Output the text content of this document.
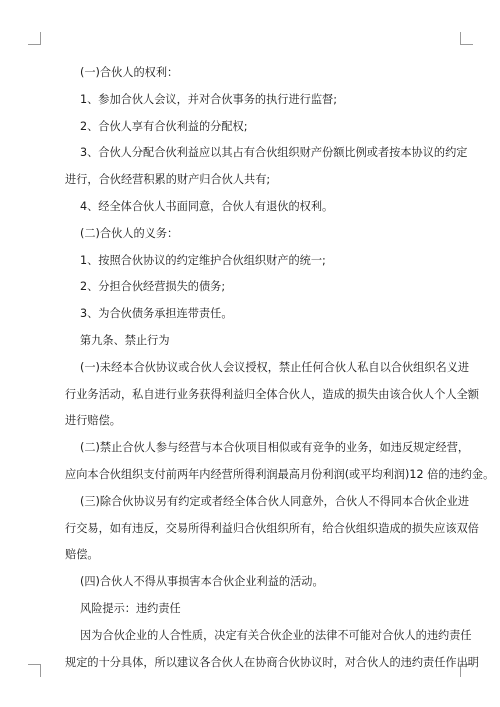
(一)合伙人的权利：
1、参加合伙人会议，并对合伙事务的执行进行监督;
2、合伙人享有合伙利益的分配权;
3、合伙人分配合伙利益应以其占有合伙组织财产份额比例或者按本协议的约定
进行，合伙经营积累的财产归合伙人共有;
4、经全体合伙人书面同意，合伙人有退伙的权利。
(二)合伙人的义务：
1、按照合伙协议的约定维护合伙组织财产的统一;
2、分担合伙经营损失的债务;
3、为合伙债务承担连带责任。
第九条、禁止行为
(一)未经本合伙协议或合伙人会议授权，禁止任何合伙人私自以合伙组织名义进
行业务活动，私自进行业务获得利益归全体合伙人，造成的损失由该合伙人个人全额
进行赔偿。
(二)禁止合伙人参与经营与本合伙项目相似或有竞争的业务，如违反规定经营，
应向本合伙组织支付前两年内经营所得利润最高月份利润(或平均利润)12 倍的违约金。
(三)除合伙协议另有约定或者经全体合伙人同意外，合伙人不得同本合伙企业进
行交易，如有违反，交易所得利益归合伙组织所有，给合伙组织造成的损失应该双倍
赔偿。
(四)合伙人不得从事损害本合伙企业利益的活动。
风险提示：违约责任
因为合伙企业的人合性质，决定有关合伙企业的法律不可能对合伙人的违约责任
规定的十分具体，所以建议各合伙人在协商合伙协议时，对合伙人的违约责任作出明
